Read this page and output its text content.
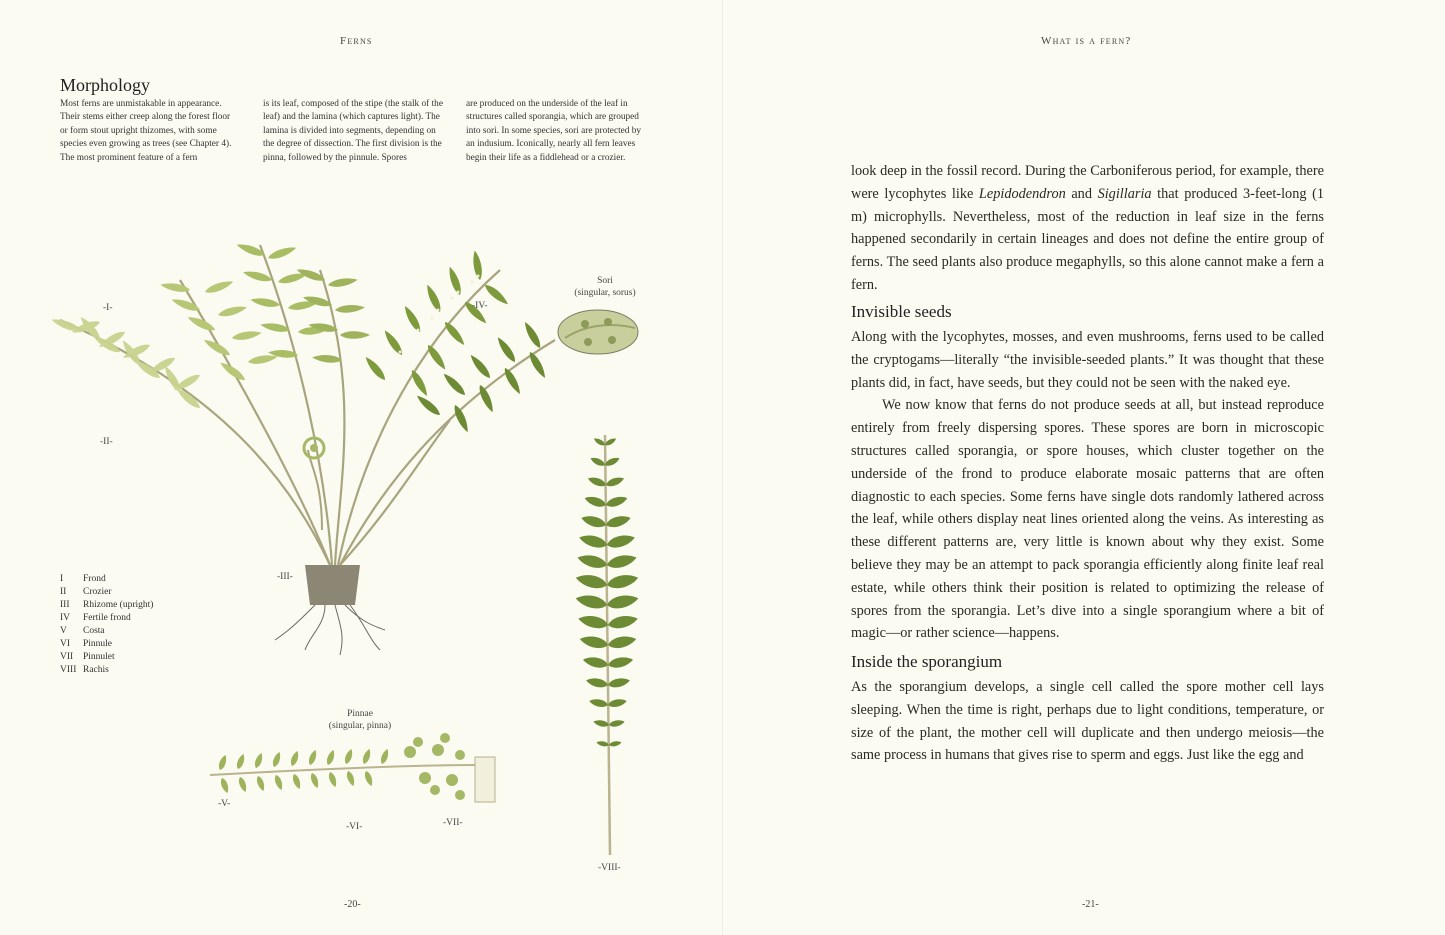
Ferns
Morphology
Most ferns are unmistakable in appearance. Their stems either creep along the forest floor or form stout upright thizomes, with some species even growing as trees (see Chapter 4). The most prominent feature of a fern
is its leaf, composed of the stipe (the stalk of the leaf) and the lamina (which captures light). The lamina is divided into segments, depending on the degree of dissection. The first division is the pinna, followed by the pinnule. Spores
are produced on the underside of the leaf in structures called sporangia, which are grouped into sori. In some species, sori are protected by an indusium. Iconically, nearly all fern leaves begin their life as a fiddlehead or a crozier.
-I-
-II-
-III-
-IV-
-V-
-VI-	-VII-
-VIII-
Sori
(singular, sorus)
Pinnae
(singular, pinna)
I	Frond
II	Crozier
III	Rhizome (upright)
IV	Fertile frond
V	Costa
VI	Pinnule
VII	Pinnulet
VIII Rachis
-20-
What is a fern?

look deep in the fossil record. During the Carboniferous period, for example, there were lycophytes like Lepidodendron and Sigillaria that produced 3-feet-long (1 m) microphylls. Nevertheless, most of the reduction in leaf size in the ferns happened secondarily in certain lineages and does not define the entire group of ferns. The seed plants also produce megaphylls, so this alone cannot make a fern a fern.

Invisible seeds

Along with the lycophytes, mosses, and even mushrooms, ferns used to be called the cryptogams—literally “the invisible-seeded plants.” It was thought that these plants did, in fact, have seeds, but they could not be seen with the naked eye.

We now know that ferns do not produce seeds at all, but instead reproduce entirely from freely dispersing spores. These spores are born in microscopic structures called sporangia, or spore houses, which cluster together on the underside of the frond to produce elaborate mosaic patterns that are often diagnostic to each species. Some ferns have single dots randomly lathered across the leaf, while others display neat lines oriented along the veins. As interesting as these different patterns are, very little is known about why they exist. Some believe they may be an attempt to pack sporangia efficiently along finite leaf real estate, while others think their position is related to optimizing the release of spores from the sporangia. Let’s dive into a single sporangium where a bit of magic—or rather science—happens.

Inside the sporangium

As the sporangium develops, a single cell called the spore mother cell lays sleeping. When the time is right, perhaps due to light conditions, temperature, or size of the plant, the mother cell will duplicate and then undergo meiosis—the same process in humans that gives rise to sperm and eggs. Just like the egg and

-21-
